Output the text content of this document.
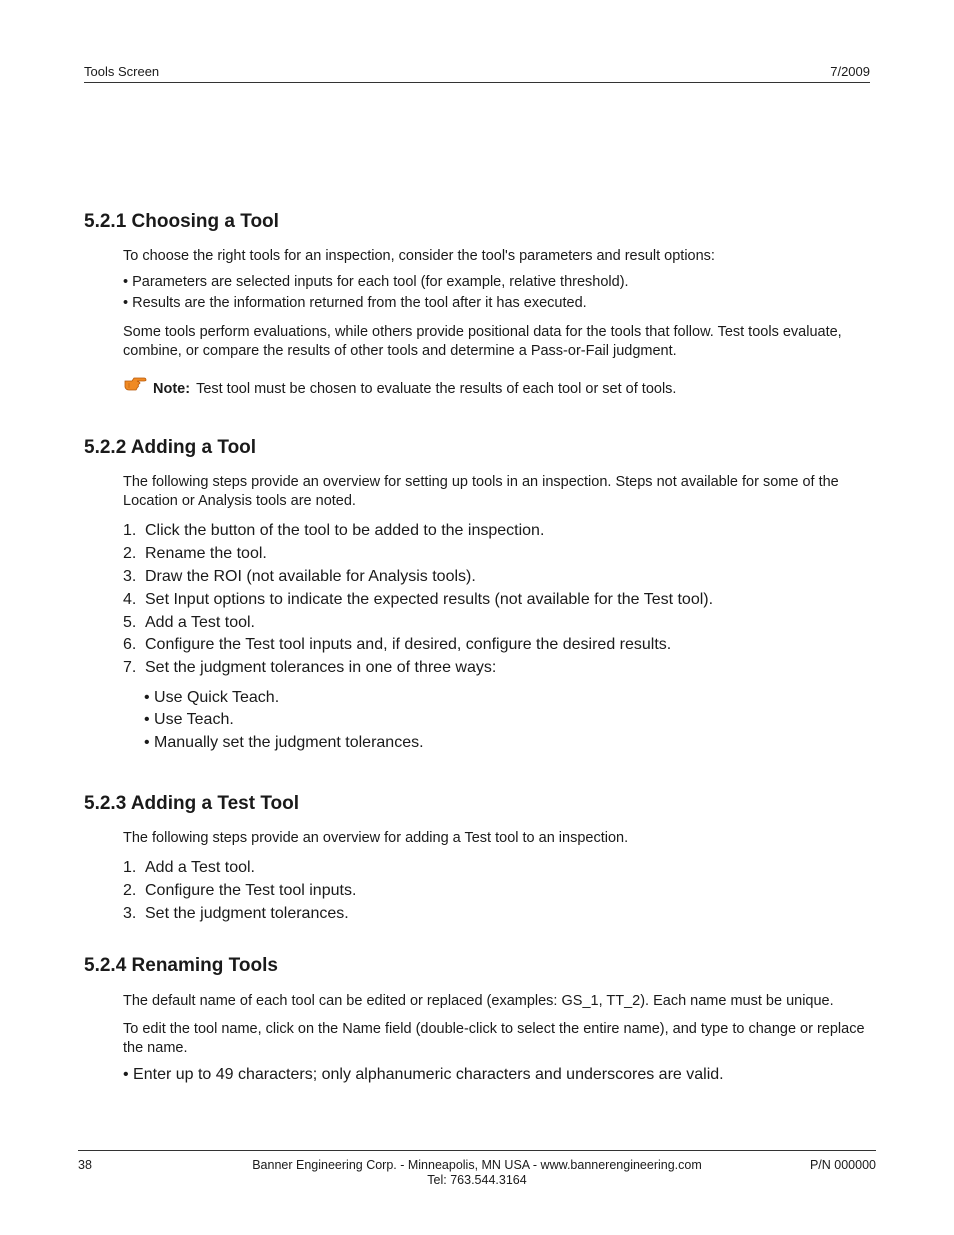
Tools Screen	7/2009
5.2.1 Choosing a Tool

To choose the right tools for an inspection, consider the tool's parameters and result options:

• Parameters are selected inputs for each tool (for example, relative threshold).

• Results are the information returned from the tool after it has executed.

Some tools perform evaluations, while others provide positional data for the tools that follow. Test tools evaluate, combine, or compare the results of other tools and determine a Pass-or-Fail judgment.

Note: Test tool must be chosen to evaluate the results of each tool or set of tools.
5.2.2 Adding a Tool

The following steps provide an overview for setting up tools in an inspection. Steps not available for some of the Location or Analysis tools are noted.

1. Click the button of the tool to be added to the inspection.

2. Rename the tool.

3. Draw the ROI (not available for Analysis tools).

4. Set Input options to indicate the expected results (not available for the Test tool).

5. Add a Test tool.

6. Configure the Test tool inputs and, if desired, configure the desired results.

7. Set the judgment tolerances in one of three ways:

• Use Quick Teach.

• Use Teach.

• Manually set the judgment tolerances.

5.2.3 Adding a Test Tool

The following steps provide an overview for adding a Test tool to an inspection.

1. Add a Test tool.

2. Configure the Test tool inputs.

3. Set the judgment tolerances.

5.2.4 Renaming Tools

The default name of each tool can be edited or replaced (examples: GS_1, TT_2). Each name must be unique.

To edit the tool name, click on the Name field (double-click to select the entire name), and type to change or replace the name.

• Enter up to 49 characters; only alphanumeric characters and underscores are valid.

38	Banner Engineering Corp. - Minneapolis, MN USA - www.bannerengineering.com
Tel: 763.544.3164
P/N 000000
